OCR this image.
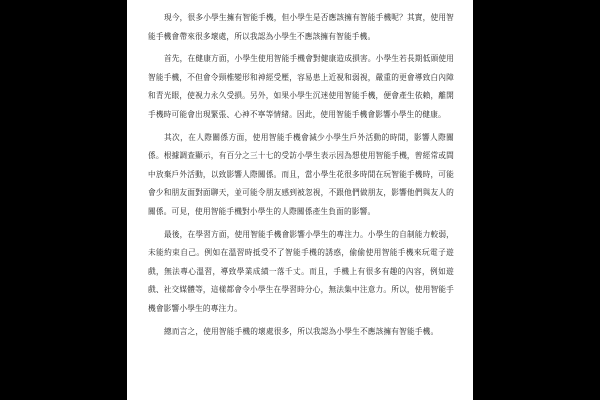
現今，很多小學生擁有智能手機，但小學生是否應該擁有智能手機呢？其實，使用智能手機會帶來很多壞處，所以我認為小學生不應該擁有智能手機。

首先，在健康方面，小學生使用智能手機會對健康造成損害。小學生若長期低頭使用智能手機，不但會令頸椎變形和神經受壓，容易患上近視和弱視，嚴重的更會導致白內障和青光眼，使視力永久受損。另外，如果小學生沉迷使用智能手機，便會產生依賴，離開手機時可能會出現緊張、心神不寧等情緒。因此，使用智能手機會影響小學生的健康。

其次，在人際關係方面，使用智能手機會減少小學生戶外活動的時間，影響人際關係。根據調查顯示，有百分之三十七的受訪小學生表示因為想使用智能手機，曾經常或間中放棄戶外活動，以致影響人際關係。而且，當小學生花很多時間在玩智能手機時，可能會少和朋友面對面聊天，並可能令朋友感到被忽視，不跟他們做朋友，影響他們與友人的關係。可見，使用智能手機對小學生的人際關係產生負面的影響。

最後，在學習方面，使用智能手機會影響小學生的專注力。小學生的自制能力較弱，未能約束自己。例如在溫習時抵受不了智能手機的誘惑，偷偷使用智能手機來玩電子遊戲，無法專心溫習，導致學業成績一落千丈。而且，手機上有很多有趣的內容，例如遊戲、社交媒體等，這樣都會令小學生在學習時分心，無法集中注意力。所以，使用智能手機會影響小學生的專注力。

總而言之，使用智能手機的壞處很多，所以我認為小學生不應該擁有智能手機。
